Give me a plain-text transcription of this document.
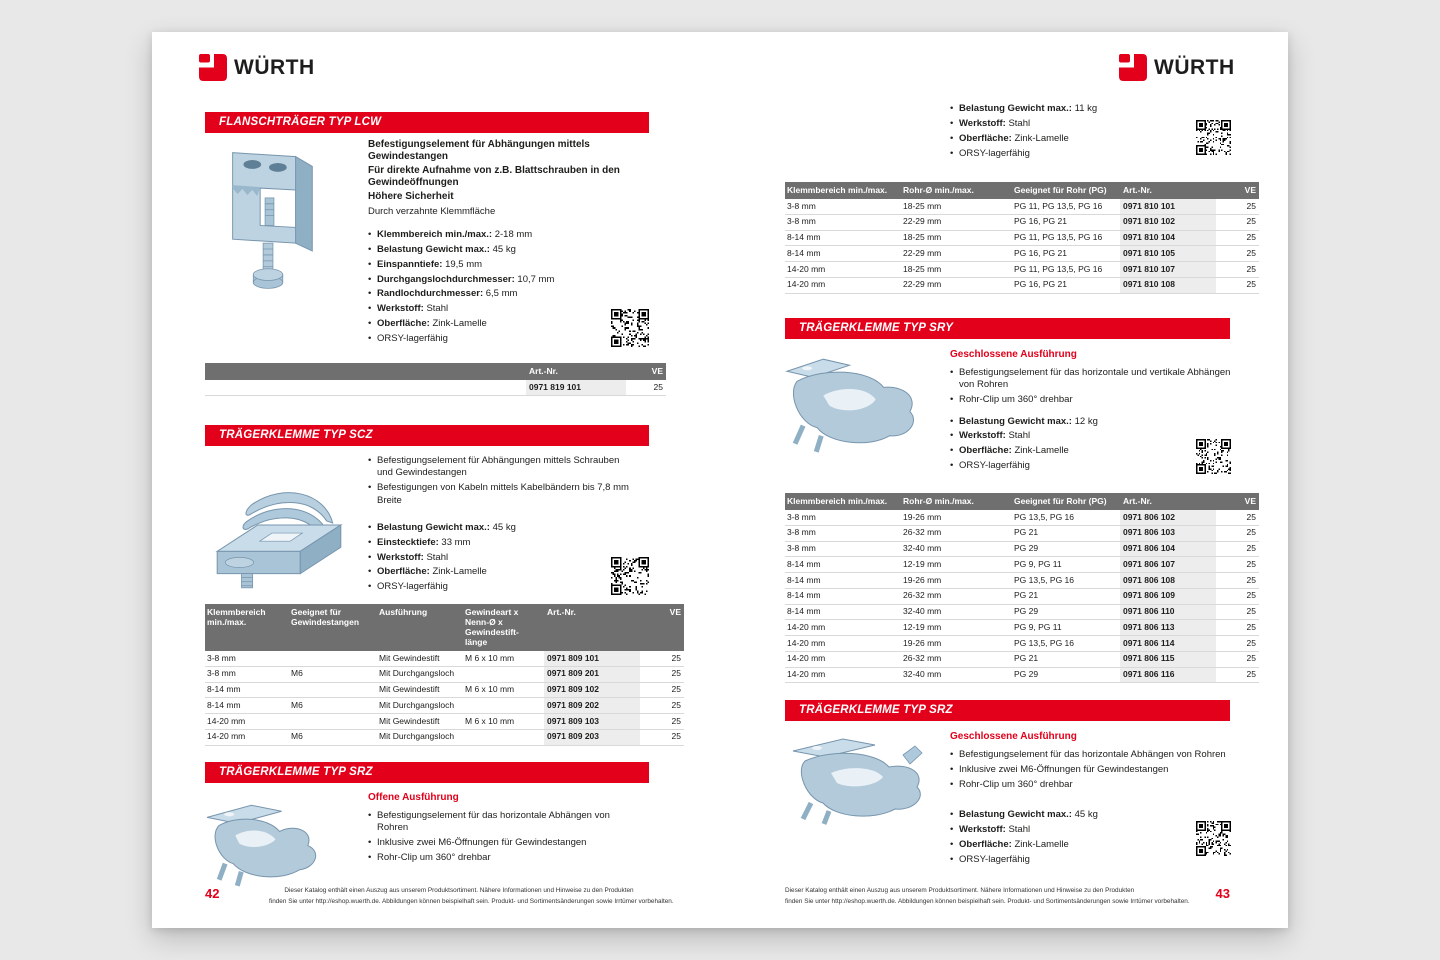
WÜRTH
FLANSCHTRÄGER TYP LCW
Befestigungselement für Abhängungen mittels Gewindestangen
Für direkte Aufnahme von z.B. Blattschrauben in den Gewindeöffnungen
Höhere Sicherheit
Durch verzahnte Klemmfläche
• Klemmbereich min./max.: 2-18 mm
• Belastung Gewicht max.: 45 kg
• Einspanntiefe: 19,5 mm
• Durchgangslochdurchmesser: 10,7 mm
• Randlochdurchmesser: 6,5 mm
• Werkstoff: Stahl
• Oberfläche: Zink-Lamelle
• ORSY-lagerfähig
	Art.-Nr.	VE
	0971 819 101	25
TRÄGERKLEMME TYP SCZ
• Befestigungselement für Abhängungen mittels Schrauben und Gewindestangen
• Befestigungen von Kabeln mittels Kabelbändern bis 7,8 mm Breite
• Belastung Gewicht max.: 45 kg
• Einstecktiefe: 33 mm
• Werkstoff: Stahl
• Oberfläche: Zink-Lamelle
• ORSY-lagerfähig
Klemmbereich min./max.	Geeignet für Gewindestangen	Ausführung	Gewindeart x Nenn-Ø x Gewindestift-länge	Art.-Nr.	VE
3-8 mm		Mit Gewindestift	M 6 x 10 mm	0971 809 101	25
3-8 mm	M6	Mit Durchgangsloch		0971 809 201	25
8-14 mm		Mit Gewindestift	M 6 x 10 mm	0971 809 102	25
8-14 mm	M6	Mit Durchgangsloch		0971 809 202	25
14-20 mm		Mit Gewindestift	M 6 x 10 mm	0971 809 103	25
14-20 mm	M6	Mit Durchgangsloch		0971 809 203	25
TRÄGERKLEMME TYP SRZ
Offene Ausführung
• Befestigungselement für das horizontale Abhängen von Rohren
• Inklusive zwei M6-Öffnungen für Gewindestangen
• Rohr-Clip um 360° drehbar
42	Dieser Katalog enthält einen Auszug aus unserem Produktsortiment. Nähere Informationen und Hinweise zu den Produkten
finden Sie unter http://eshop.wuerth.de. Abbildungen können beispielhaft sein. Produkt- und Sortimentsänderungen sowie Irrtümer vorbehalten.
WÜRTH
• Belastung Gewicht max.: 11 kg
• Werkstoff: Stahl
• Oberfläche: Zink-Lamelle
• ORSY-lagerfähig
Klemmbereich min./max.	Rohr-Ø min./max.	Geeignet für Rohr (PG)	Art.-Nr.	VE
3-8 mm	18-25 mm	PG 11, PG 13,5, PG 16	0971 810 101	25
3-8 mm	22-29 mm	PG 16, PG 21	0971 810 102	25
8-14 mm	18-25 mm	PG 11, PG 13,5, PG 16	0971 810 104	25
8-14 mm	22-29 mm	PG 16, PG 21	0971 810 105	25
14-20 mm	18-25 mm	PG 11, PG 13,5, PG 16	0971 810 107	25
14-20 mm	22-29 mm	PG 16, PG 21	0971 810 108	25
TRÄGERKLEMME TYP SRY
Geschlossene Ausführung
• Befestigungselement für das horizontale und vertikale Abhängen von Rohren
• Rohr-Clip um 360° drehbar
• Belastung Gewicht max.: 12 kg
• Werkstoff: Stahl
• Oberfläche: Zink-Lamelle
• ORSY-lagerfähig
Klemmbereich min./max.	Rohr-Ø min./max.	Geeignet für Rohr (PG)	Art.-Nr.	VE
3-8 mm	19-26 mm	PG 13,5, PG 16	0971 806 102	25
3-8 mm	26-32 mm	PG 21	0971 806 103	25
3-8 mm	32-40 mm	PG 29	0971 806 104	25
8-14 mm	12-19 mm	PG 9, PG 11	0971 806 107	25
8-14 mm	19-26 mm	PG 13,5, PG 16	0971 806 108	25
8-14 mm	26-32 mm	PG 21	0971 806 109	25
8-14 mm	32-40 mm	PG 29	0971 806 110	25
14-20 mm	12-19 mm	PG 9, PG 11	0971 806 113	25
14-20 mm	19-26 mm	PG 13,5, PG 16	0971 806 114	25
14-20 mm	26-32 mm	PG 21	0971 806 115	25
14-20 mm	32-40 mm	PG 29	0971 806 116	25
TRÄGERKLEMME TYP SRZ
Geschlossene Ausführung
• Befestigungselement für das horizontale Abhängen von Rohren
• Inklusive zwei M6-Öffnungen für Gewindestangen
• Rohr-Clip um 360° drehbar
• Belastung Gewicht max.: 45 kg
• Werkstoff: Stahl
• Oberfläche: Zink-Lamelle
• ORSY-lagerfähig
Dieser Katalog enthält einen Auszug aus unserem Produktsortiment. Nähere Informationen und Hinweise zu den Produkten
finden Sie unter http://eshop.wuerth.de. Abbildungen können beispielhaft sein. Produkt- und Sortimentsänderungen sowie Irrtümer vorbehalten.
43
